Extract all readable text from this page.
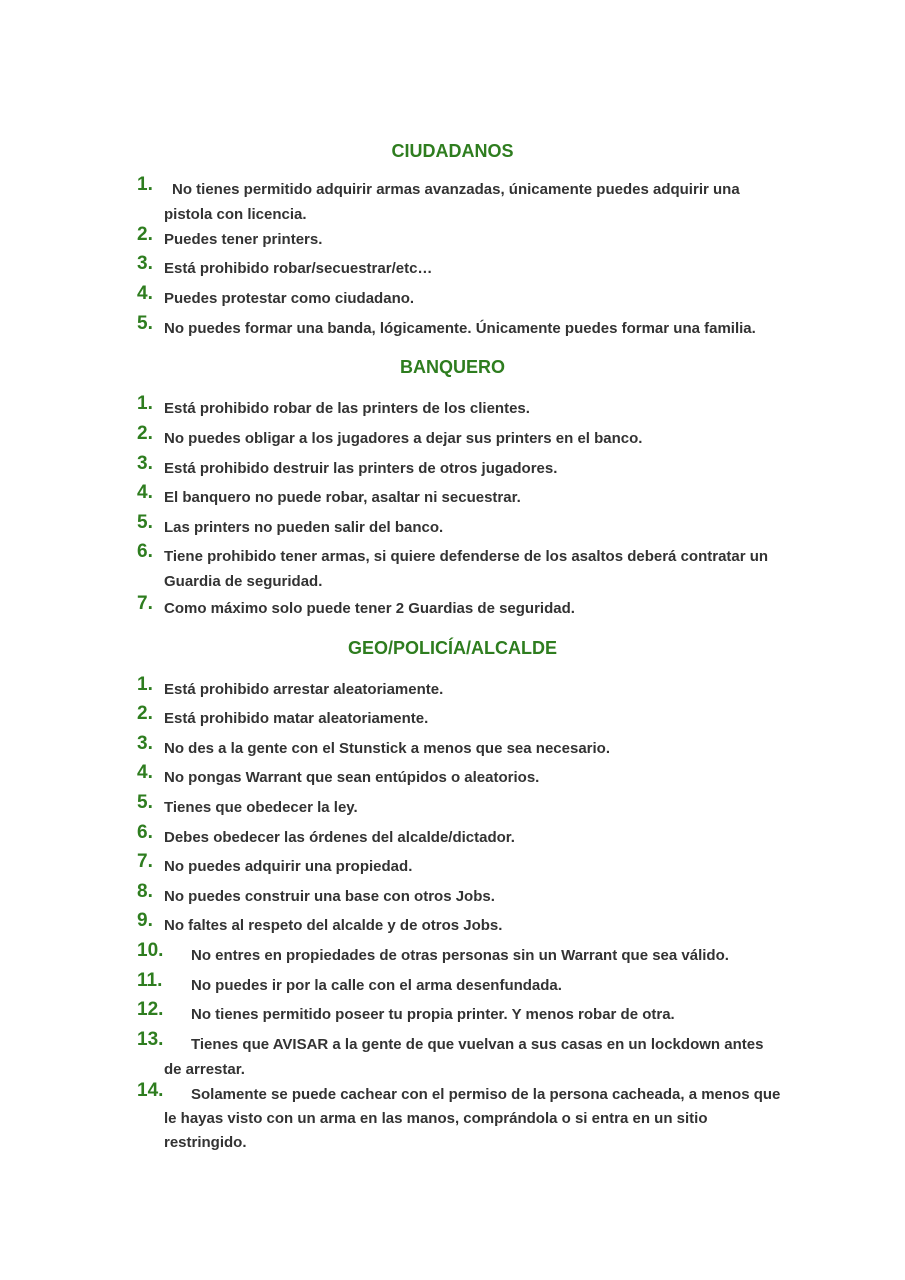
CIUDADANOS
1.	No tienes permitido adquirir armas avanzadas, únicamente puedes adquirir una pistola con licencia.
2. Puedes tener printers.
3. Está prohibido robar/secuestrar/etc…
4. Puedes protestar como ciudadano.
5. No puedes formar una banda, lógicamente. Únicamente puedes formar una familia.
BANQUERO
1. Está prohibido robar de las printers de los clientes.
2. No puedes obligar a los jugadores a dejar sus printers en el banco.
3. Está prohibido destruir las printers de otros jugadores.
4. El banquero no puede robar, asaltar ni secuestrar.
5. Las printers no pueden salir del banco.
6. Tiene prohibido tener armas, si quiere defenderse de los asaltos deberá contratar un Guardia de seguridad.
7. Como máximo solo puede tener 2 Guardias de seguridad.
GEO/POLICÍA/ALCALDE
1. Está prohibido arrestar aleatoriamente.
2. Está prohibido matar aleatoriamente.
3. No des a la gente con el Stunstick a menos que sea necesario.
4. No pongas Warrant que sean entúpidos o aleatorios.
5. Tienes que obedecer la ley.
6. Debes obedecer las órdenes del alcalde/dictador.
7. No puedes adquirir una propiedad.
8. No puedes construir una base con otros Jobs.
9. No faltes al respeto del alcalde y de otros Jobs.
10. No entres en propiedades de otras personas sin un Warrant que sea válido.
11. No puedes ir por la calle con el arma desenfundada.
12. No tienes permitido poseer tu propia printer. Y menos robar de otra.
13.	Tienes que AVISAR a la gente de que vuelvan a sus casas en un lockdown antes de arrestar.
14.	Solamente se puede cachear con el permiso de la persona cacheada, a menos que le hayas visto con un arma en las manos, comprándola o si entra en un sitio restringido.
